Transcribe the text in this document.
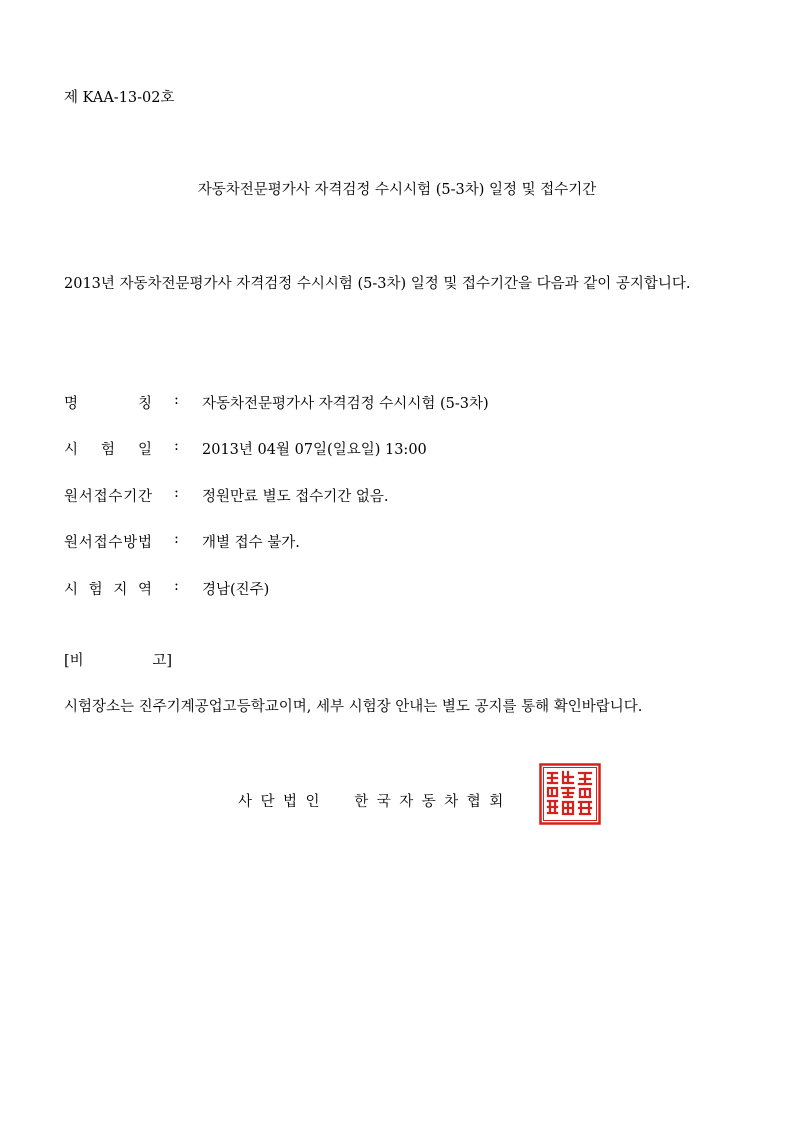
제 KAA-13-02호
자동차전문평가사 자격검정 수시시험 (5-3차) 일정 및 접수기간
2013년 자동차전문평가사 자격검정 수시시험 (5-3차) 일정 및 접수기간을 다음과 같이 공지합니다.
명	칭 : 자동차전문평가사 자격검정 수시시험 (5-3차)
시 험 일 : 2013년 04월 07일(일요일) 13:00
원 서 접 수 기 간 : 정원만료 별도 접수기간 없음.
원 서 접 수 방 법 : 개별 접수 불가.
시 험 지 역 : 경남(진주)
[비	고]
시험장소는 진주기계공업고등학교이며, 세부 시험장 안내는 별도 공지를 통해 확인바랍니다.
사단법인  한국자동차협회
